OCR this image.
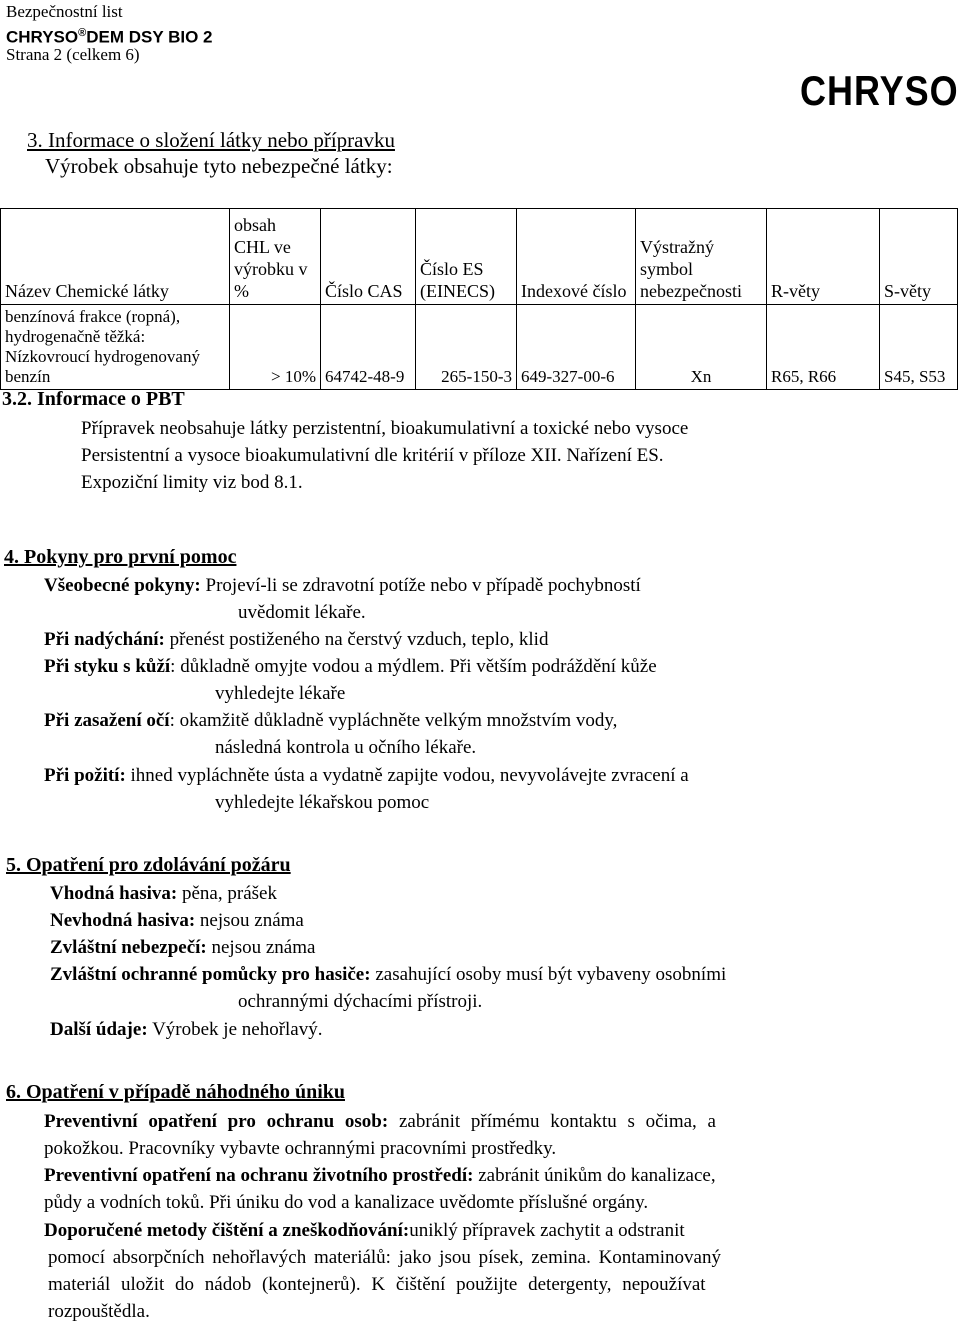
Bezpečnostní list
CHRYSO®DEM DSY BIO 2
Strana 2 (celkem 6)
CHRYSO
3. Informace o složení látky nebo přípravku
Výrobek obsahuje tyto nebezpečné látky:
Název Chemické látky	obsah CHL ve výrobku v %	Číslo CAS	Číslo ES (EINECS)	Indexové číslo	Výstražný symbol nebezpečnosti	R-věty	S-věty
benzínová frakce (ropná), hydrogenačně těžká: Nízkovroucí hydrogenovaný benzín	> 10%	64742-48-9	265-150-3	649-327-00-6	Xn	R65, R66	S45, S53
3.2. Informace o PBT
Přípravek neobsahuje látky perzistentní, bioakumulativní a toxické nebo vysoce
Persistentní a vysoce bioakumulativní dle kritérií v příloze XII. Nařízení ES.
Expoziční limity viz bod 8.1.
4. Pokyny pro první pomoc
Všeobecné pokyny: Projeví-li se zdravotní potíže nebo v případě pochybností
uvědomit lékaře.
Při nadýchání: přenést postiženého na čerstvý vzduch, teplo, klid
Při styku s kůží: důkladně omyjte vodou a mýdlem. Při větším podráždění kůže
vyhledejte lékaře
Při zasažení očí: okamžitě důkladně vypláchněte velkým množstvím vody,
následná kontrola u očního lékaře.
Při požití: ihned vypláchněte ústa a vydatně zapijte vodou, nevyvolávejte zvracení a
vyhledejte lékařskou pomoc
5. Opatření pro zdolávání požáru
Vhodná hasiva: pěna, prášek
Nevhodná hasiva: nejsou známa
Zvláštní nebezpečí: nejsou známa
Zvláštní ochranné pomůcky pro hasiče: zasahující osoby musí být vybaveny osobními
ochrannými dýchacími přístroji.
Další údaje: Výrobek je nehořlavý.
6. Opatření v případě náhodného úniku
Preventivní opatření pro ochranu osob: zabránit přímému kontaktu s očima, a
pokožkou. Pracovníky vybavte ochrannými pracovními prostředky.
Preventivní opatření na ochranu životního prostředí: zabránit únikům do kanalizace,
půdy a vodních toků. Při úniku do vod a kanalizace uvědomte příslušné orgány.
Doporučené metody čištění a zneškodňování:uniklý přípravek zachytit a odstranit
pomocí absorpčních nehořlavých materiálů: jako jsou písek, zemina. Kontaminovaný
materiál uložit do nádob (kontejnerů). K čištění použijte detergenty, nepoužívat
rozpouštědla.
